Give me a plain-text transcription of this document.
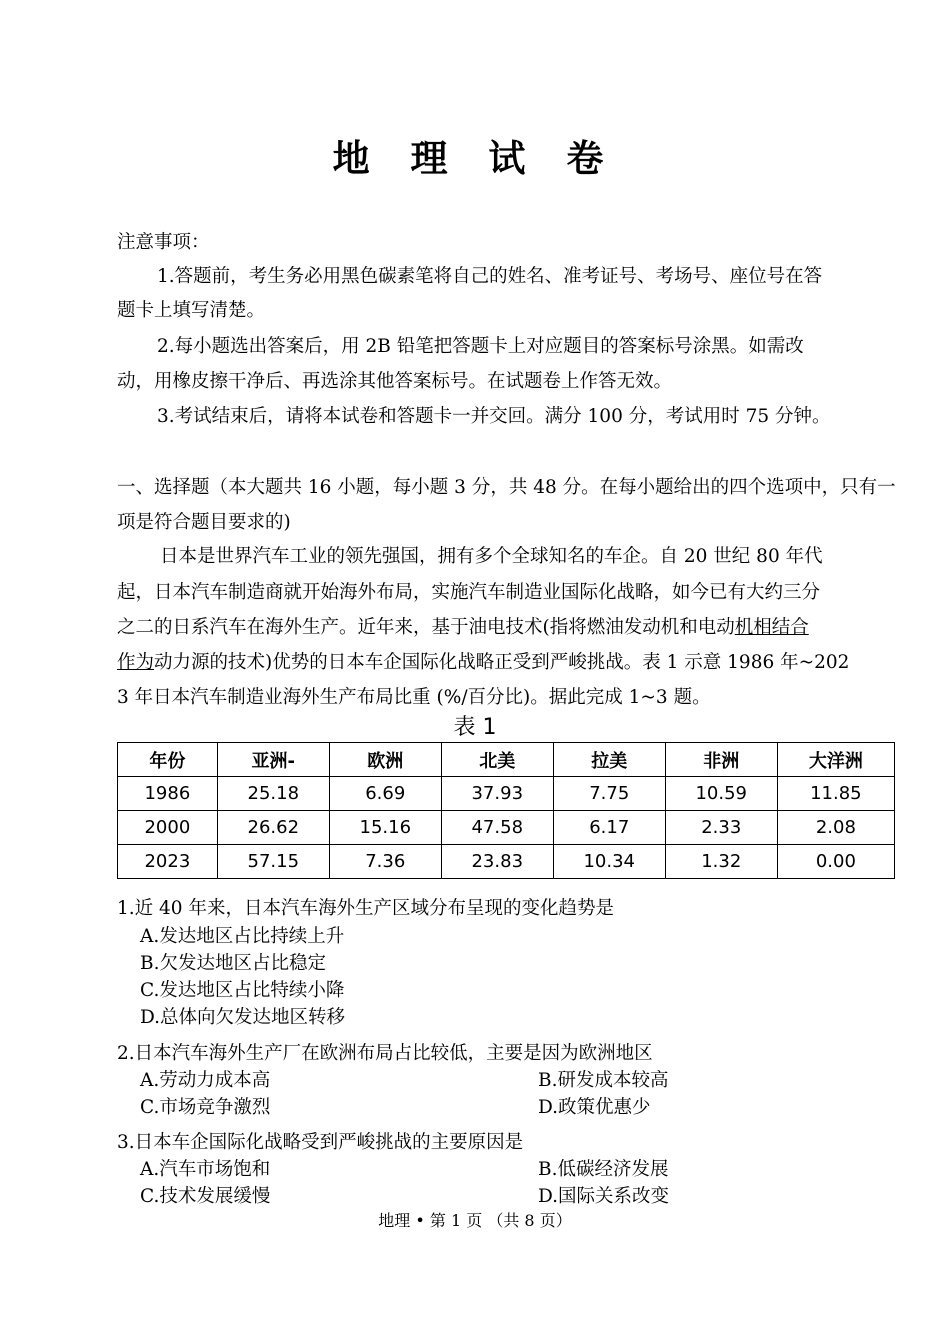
地 理 试 卷
注意事项：
1.答题前，考生务必用黑色碳素笔将自己的姓名、准考证号、考场号、座位号在答
题卡上填写清楚。
2.每小题选出答案后，用 2B 铅笔把答题卡上对应题目的答案标号涂黑。如需改
动，用橡皮擦干净后、再选涂其他答案标号。在试题卷上作答无效。
3.考试结束后，请将本试卷和答题卡一并交回。满分 100 分，考试用时 75 分钟。
一、选择题（本大题共 16 小题，每小题 3 分，共 48 分。在每小题给出的四个选项中，只有一
项是符合题目要求的)
日本是世界汽车工业的领先强国，拥有多个全球知名的车企。自 20 世纪 80 年代
起，日本汽车制造商就开始海外布局，实施汽车制造业国际化战略，如今已有大约三分
之二的日系汽车在海外生产。近年来，基于油电技术(指将燃油发动机和电动机相结合
作为动力源的技术)优势的日本车企国际化战略正受到严峻挑战。表 1 示意 1986 年~202
3 年日本汽车制造业海外生产布局比重 (%/百分比)。据此完成 1~3 题。
表 1
年份	亚洲-	欧洲	北美	拉美	非洲	大洋洲
1986	25.18	6.69	37.93	7.75	10.59	11.85
2000	26.62	15.16	47.58	6.17	2.33	2.08
2023	57.15	7.36	23.83	10.34	1.32	0.00
1.近 40 年来，日本汽车海外生产区域分布呈现的变化趋势是
A.发达地区占比持续上升
B.欠发达地区占比稳定
C.发达地区占比特续小降
D.总体向欠发达地区转移
2.日本汽车海外生产厂在欧洲布局占比较低，主要是因为欧洲地区
A.劳动力成本高	B.研发成本较高
C.市场竞争激烈	D.政策优惠少
3.日本车企国际化战略受到严峻挑战的主要原因是
A.汽车市场饱和	B.低碳经济发展
C.技术发展缓慢	D.国际关系改变
地理 • 第 1 页 （共 8 页）
